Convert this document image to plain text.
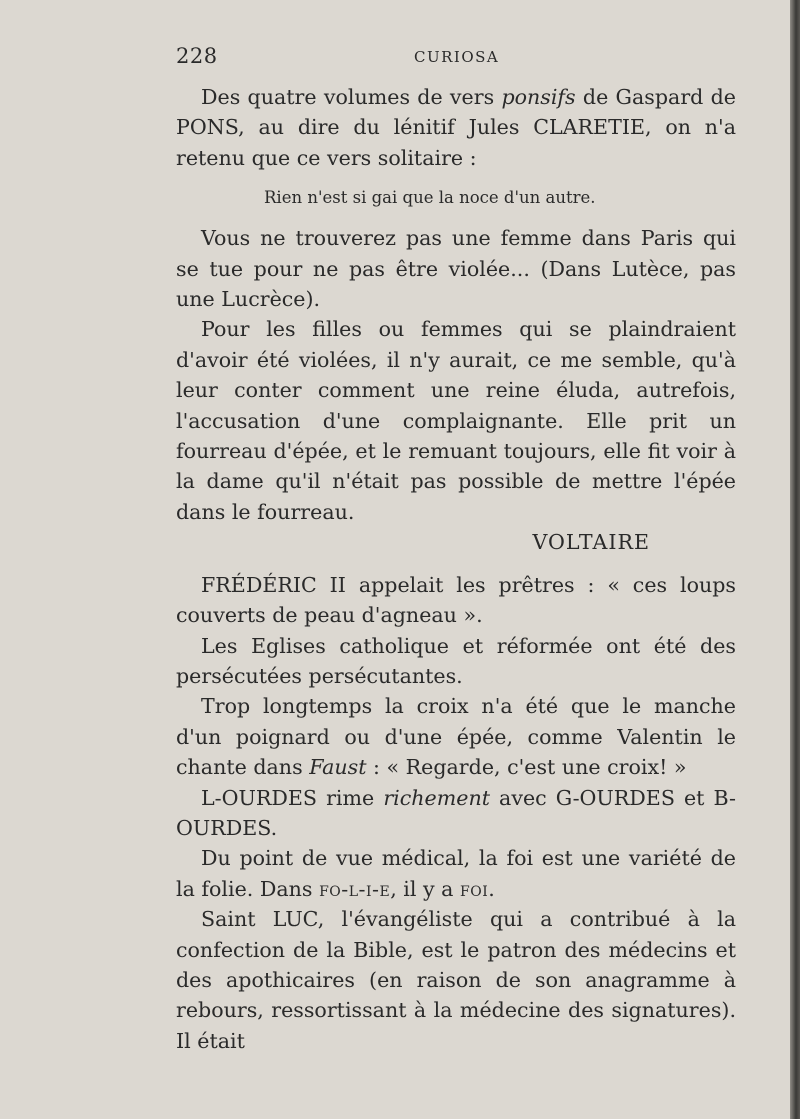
228	CURIOSA

Des quatre volumes de vers ponsifs de Gaspard de PONS, au dire du lénitif Jules CLARETIE, on n'a retenu que ce vers solitaire :

Rien n'est si gai que la noce d'un autre.

Vous ne trouverez pas une femme dans Paris qui se tue pour ne pas être violée... (Dans Lutèce, pas une Lucrèce).

Pour les filles ou femmes qui se plaindraient d'avoir été violées, il n'y aurait, ce me semble, qu'à leur conter comment une reine éluda, autrefois, l'accusation d'une complaignante. Elle prit un fourreau d'épée, et le remuant toujours, elle fit voir à la dame qu'il n'était pas possible de mettre l'épée dans le fourreau.

VOLTAIRE

FRÉDÉRIC II appelait les prêtres : « ces loups couverts de peau d'agneau ».

Les Eglises catholique et réformée ont été des persécutées persécutantes.

Trop longtemps la croix n'a été que le manche d'un poignard ou d'une épée, comme Valentin le chante dans Faust : « Regarde, c'est une croix! »

L-OURDES rime richement avec G-OURDES et B-OURDES.

Du point de vue médical, la foi est une variété de la folie. Dans fo-l-i-e, il y a foi.

Saint LUC, l'évangéliste qui a contribué à la confection de la Bible, est le patron des médecins et des apothicaires (en raison de son anagramme à rebours, ressortissant à la médecine des signatures). Il était
